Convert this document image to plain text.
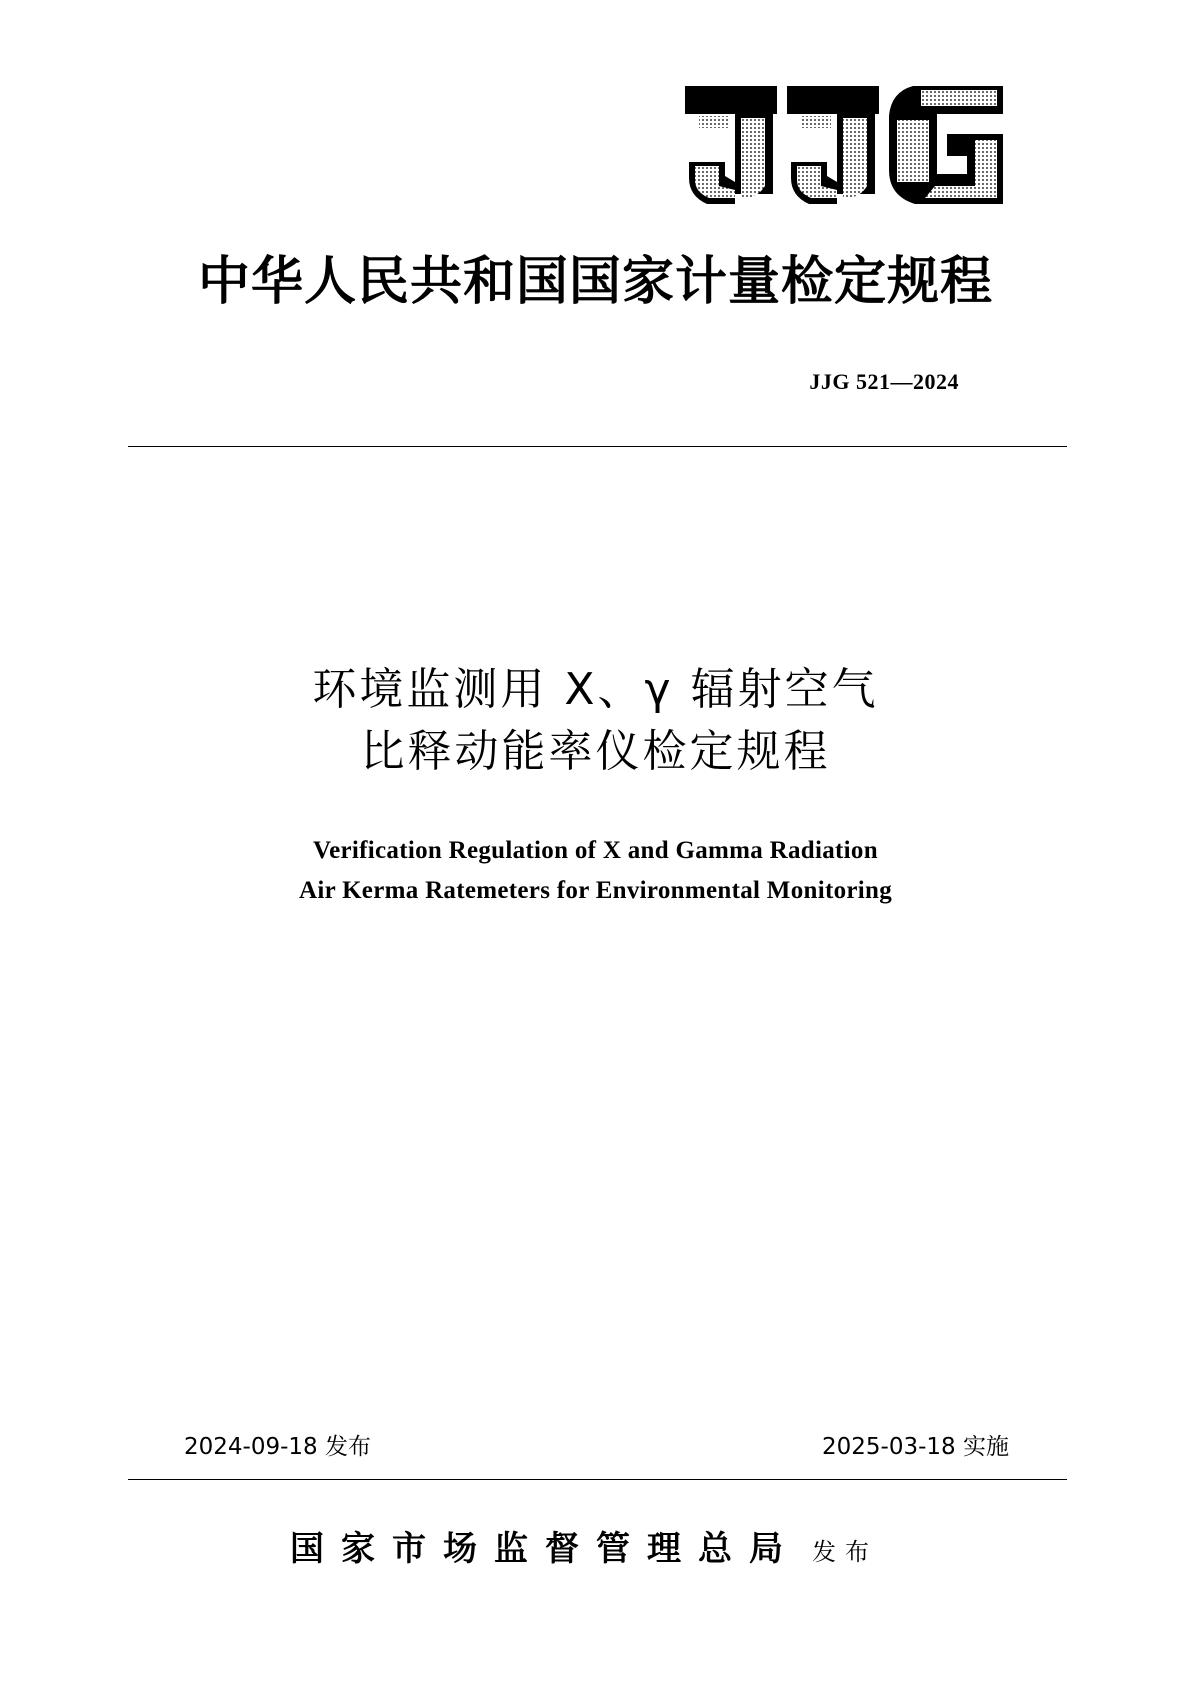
中华人民共和国国家计量检定规程
JJG 521—2024
环境监测用 X、γ 辐射空气
比释动能率仪检定规程
Verification Regulation of X and Gamma Radiation
Air Kerma Ratemeters for Environmental Monitoring
2024-09-18 发布	2025-03-18 实施
国家市场监督管理总局 发布
